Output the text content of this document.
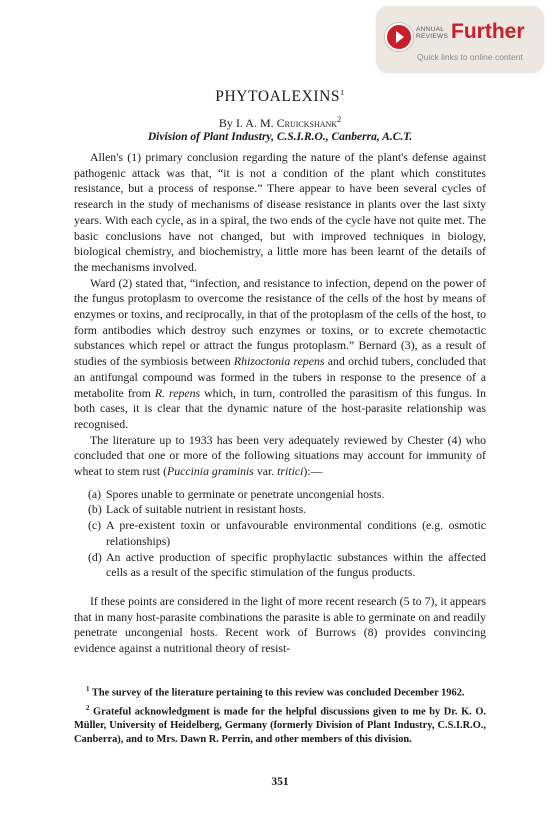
ANNUAL
REVIEWS Further
Quick links to online content
PHYTOALEXINS$^1$
By I. A. M. Cruickshank$^2$
Division of Plant Industry, C.S.I.R.O., Canberra, A.C.T.

Allen's (1) primary conclusion regarding the nature of the plant's defense against pathogenic attack was that, “it is not a condition of the plant which constitutes resistance, but a process of response.” There appear to have been several cycles of research in the study of mechanisms of disease resistance in plants over the last sixty years. With each cycle, as in a spiral, the two ends of the cycle have not quite met. The basic conclusions have not changed, but with improved techniques in biology, biological chemistry, and biochemistry, a little more has been learnt of the details of the mechanisms involved.

Ward (2) stated that, “infection, and resistance to infection, depend on the power of the fungus protoplasm to overcome the resistance of the cells of the host by means of enzymes or toxins, and reciprocally, in that of the protoplasm of the cells of the host, to form antibodies which destroy such enzymes or toxins, or to excrete chemotactic substances which repel or attract the fungus protoplasm.” Bernard (3), as a result of studies of the symbiosis between Rhizoctonia repens and orchid tubers, concluded that an antifungal compound was formed in the tubers in response to the presence of a metabolite from R. repens which, in turn, controlled the parasitism of this fungus. In both cases, it is clear that the dynamic nature of the host-parasite relationship was recognised.

The literature up to 1933 has been very adequately reviewed by Chester (4) who concluded that one or more of the following situations may account for immunity of wheat to stem rust (Puccinia graminis var. tritici):—

(a) Spores unable to germinate or penetrate uncongenial hosts.
(b) Lack of suitable nutrient in resistant hosts.
(c) A pre-existent toxin or unfavourable environmental conditions (e.g. osmotic relationships)
(d) An active production of specific prophylactic substances within the affected cells as a result of the specific stimulation of the fungus products.

If these points are considered in the light of more recent research (5 to 7), it appears that in many host-parasite combinations the parasite is able to germinate on and readily penetrate uncongenial hosts. Recent work of Burrows (8) provides convincing evidence against a nutritional theory of resist-

$^1$ The survey of the literature pertaining to this review was concluded December 1962.

$^2$ Grateful acknowledgment is made for the helpful discussions given to me by Dr. K. O. Müller, University of Heidelberg, Germany (formerly Division of Plant Industry, C.S.I.R.O., Canberra), and to Mrs. Dawn R. Perrin, and other members of this division.

351
